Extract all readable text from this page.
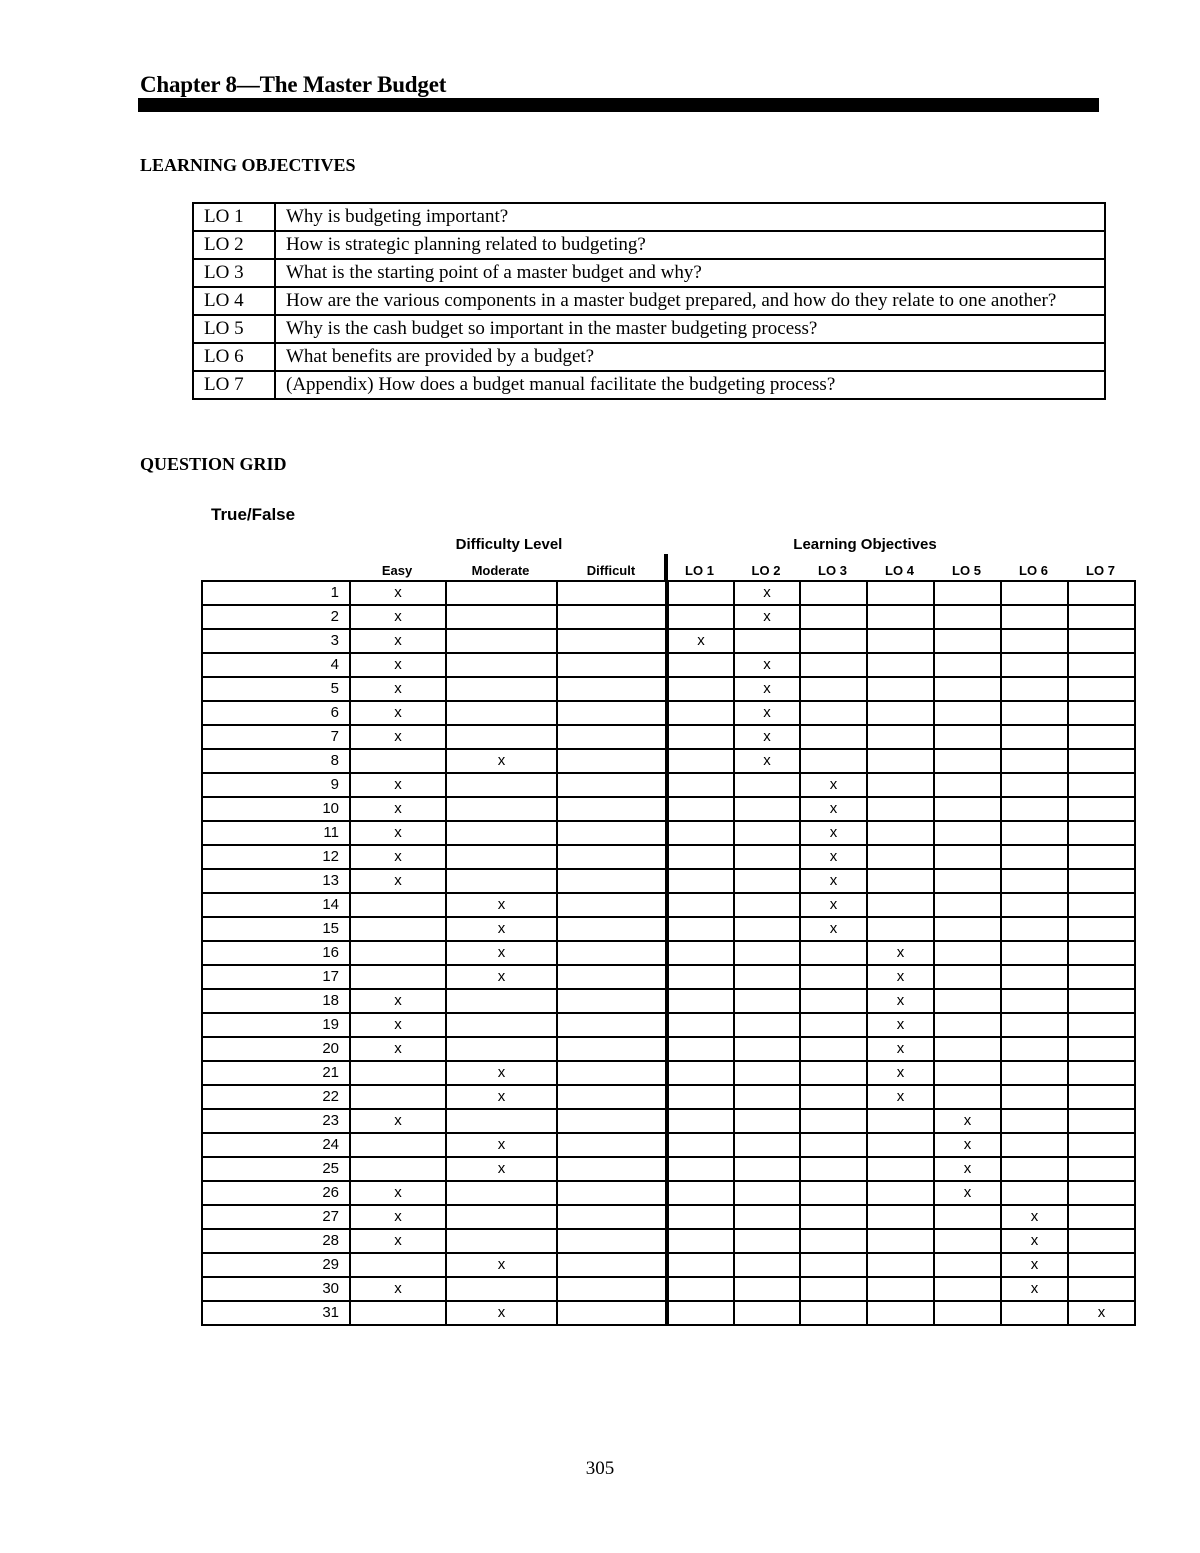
Chapter 8—The Master Budget
LEARNING OBJECTIVES
LO 1	Why is budgeting important?
LO 2	How is strategic planning related to budgeting?
LO 3	What is the starting point of a master budget and why?
LO 4	How are the various components in a master budget prepared, and how do they relate to one another?
LO 5	Why is the cash budget so important in the master budgeting process?
LO 6	What benefits are provided by a budget?
LO 7	(Appendix) How does a budget manual facilitate the budgeting process?
QUESTION GRID
True/False
Difficulty Level	Learning Objectives
Easy	Moderate	Difficult	LO 1	LO 2	LO 3	LO 4	LO 5	LO 6	LO 7
1	x				x					
2	x				x					
3	x			x						
4	x				x					
5	x				x					
6	x				x					
7	x				x					
8		x			x					
9	x					x				
10	x					x				
11	x					x				
12	x					x				
13	x					x				
14		x				x				
15		x				x				
16		x					x			
17		x					x			
18	x						x			
19	x						x			
20	x						x			
21		x					x			
22		x					x			
23	x							x		
24		x						x		
25		x						x		
26	x							x		
27	x								x	
28	x								x	
29		x							x	
30	x								x	
31		x								x
305
